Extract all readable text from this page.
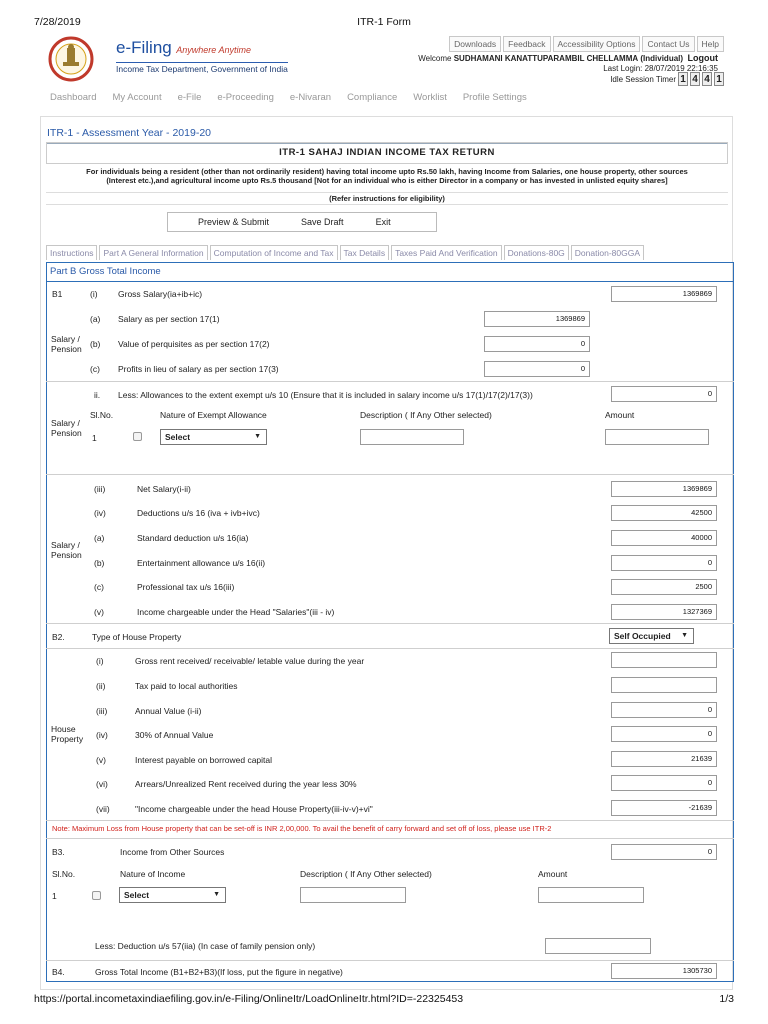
7/28/2019	ITR-1 Form
e-Filing Anywhere Anytime
Income Tax Department, Government of India
Downloads	Feedback	Accessibility Options	Contact Us	Help
Welcome SUDHAMANI KANATTUPARAMBIL CHELLAMMA (Individual) Logout
Last Login: 28/07/2019 22:16:35
Idle Session Timer 1 4 4 1
Dashboard My Account e-File e-Proceeding e-Nivaran Compliance Worklist Profile Settings
ITR-1 - Assessment Year - 2019-20
ITR-1 SAHAJ INDIAN INCOME TAX RETURN
For individuals being a resident (other than not ordinarily resident) having total income upto Rs.50 lakh, having Income from Salaries, one house property, other sources
(Interest etc.),and agricultural income upto Rs.5 thousand [Not for an individual who is either Director in a company or has invested in unlisted equity shares]
(Refer instructions for eligibility)
Preview & Submit	Save Draft	Exit
Instructions	Part A General Information	Computation of Income and Tax	Tax Details	Taxes Paid And Verification	Donations-80G	Donation-80GGA
Part B Gross Total Income
B1	(i) Gross Salary(ia+ib+ic)	1369869
(a) Salary as per section 17(1)	1369869
Salary /
Pension (b) Value of perquisites as per section 17(2)	0
(c) Profits in lieu of salary as per section 17(3)	0
ii. Less: Allowances to the extent exempt u/s 10 (Ensure that it is included in salary income u/s 17(1)/17(2)/17(3))	0
Sl.No.	Nature of Exempt Allowance	Description ( If Any Other selected)	Amount
Salary /
Pension 1	Select	▼
(iii)	Net Salary(i-ii)	1369869
(iv)	Deductions u/s 16 (iva + ivb+ivc)	42500
(a)	Standard deduction u/s 16(ia)	40000
Salary /
Pension
(b)	Entertainment allowance u/s 16(ii)	0
(c)	Professional tax u/s 16(iii)	2500
(v)	Income chargeable under the Head "Salaries"(iii - iv)	1327369
B2.	Type of House Property	Self Occupied ▼
(i)	Gross rent received/ receivable/ letable value during the year
(ii)	Tax paid to local authorities
(iii)	Annual Value (i-ii)	0
House
Property (iv)	30% of Annual Value	0
(v)	Interest payable on borrowed capital	21639
(vi)	Arrears/Unrealized Rent received during the year less 30%	0
(vii)	"Income chargeable under the head House Property(iii-iv-v)+vi"	-21639
Note: Maximum Loss from House property that can be set-off is INR 2,00,000. To avail the benefit of carry forward and set off of loss, please use ITR-2
B3.	Income from Other Sources	0
Sl.No.	Nature of Income	Description ( If Any Other selected)	Amount
1	Select	▼
Less: Deduction u/s 57(iia) (In case of family pension only)
B4.	Gross Total Income (B1+B2+B3)(If loss, put the figure in negative)	1305730
https://portal.incometaxindiaefiling.gov.in/e-Filing/OnlineItr/LoadOnlineItr.html?ID=-22325453	1/3
